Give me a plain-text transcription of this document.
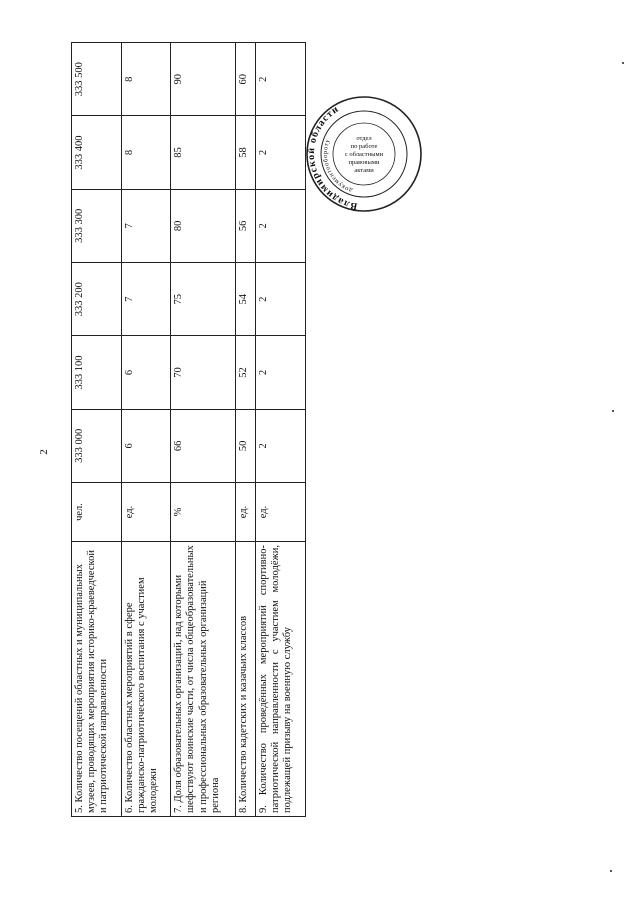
2
5. Количество посещений областных и муниципальных музеев, проводящих мероприятия историко-краеведческой и патриотической направленности	чел.	333 000	333 100	333 200	333 300	333 400	333 500
6. Количество областных мероприятий в сфере гражданско-патриотического воспитания с участием молодежи	ед.	6	6	7	7	8	8
7. Доля образовательных организаций, над которыми шефствуют воинские части, от числа общеобразовательных и профессиональных образовательных организаций региона	%	66	70	75	80	85	90
8. Количество кадетских и казачьих классов	ед.	50	52	54	56	58	60
9. Количество проведённых мероприятий спортивно-патриотической направленности с участием молодёжи, подлежащей призыву на военную службу	ед.	2	2	2	2	2	2
Владимирской области
документообороту	отдел
по работе
с областными
правовыми
актами
